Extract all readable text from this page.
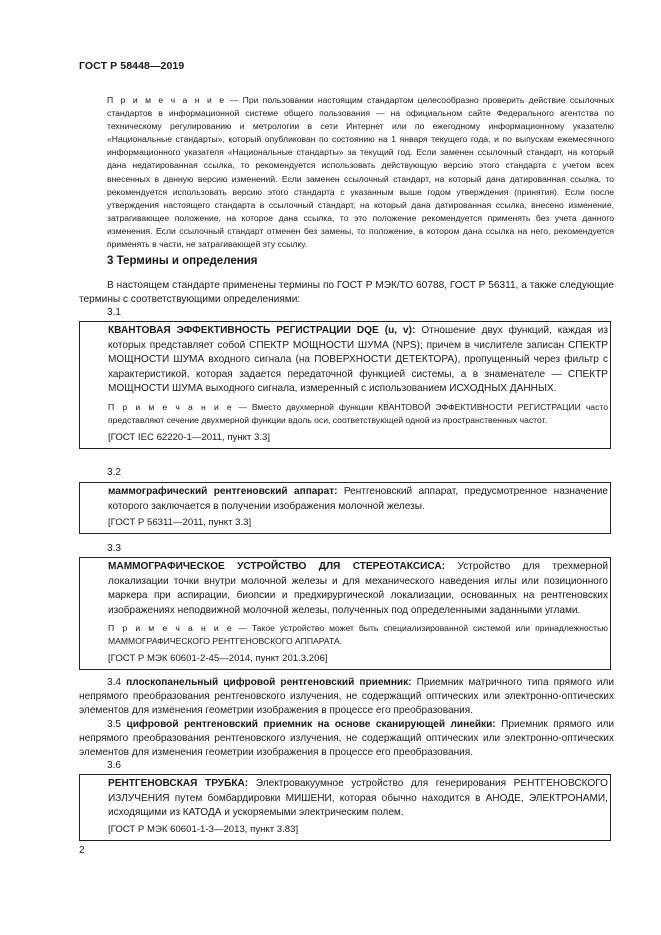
ГОСТ Р 58448—2019
П р и м е ч а н и е — При пользовании настоящим стандартом целесообразно проверить действие ссылочных стандартов в информационной системе общего пользования — на официальном сайте Федерального агентства по техническому регулированию и метрологии в сети Интернет или по ежегодному информационному указателю «Национальные стандарты», который опубликован по состоянию на 1 января текущего года, и по выпускам ежемесячного информационного указателя «Национальные стандарты» за текущий год. Если заменен ссылочный стандарт, на который дана недатированная ссылка, то рекомендуется использовать действующую версию этого стандарта с учетом всех внесенных в данную версию изменений. Если заменен ссылочный стандарт, на который дана датированная ссылка, то рекомендуется использовать версию этого стандарта с указанным выше годом утверждения (принятия). Если после утверждения настоящего стандарта в ссылочный стандарт, на который дана датированная ссылка, внесено изменение, затрагивающее положение, на которое дана ссылка, то это положение рекомендуется применять без учета данного изменения. Если ссылочный стандарт отменен без замены, то положение, в котором дана ссылка на него, рекомендуется применять в части, не затрагивающей эту ссылку.
3 Термины и определения
В настоящем стандарте применены термины по ГОСТ Р МЭК/ТО 60788, ГОСТ Р 56311, а также следующие термины с соответствующими определениями:
3.1
КВАНТОВАЯ ЭФФЕКТИВНОСТЬ РЕГИСТРАЦИИ DQE (u, v): Отношение двух функций, каждая из которых представляет собой СПЕКТР МОЩНОСТИ ШУМА (NPS); причем в числителе записан СПЕКТР МОЩНОСТИ ШУМА входного сигнала (на ПОВЕРХНОСТИ ДЕТЕКТОРА), пропущенный через фильтр с характеристикой, которая задается передаточной функцией системы, а в знаменателе — СПЕКТР МОЩНОСТИ ШУМА выходного сигнала, измеренный с использованием ИСХОДНЫХ ДАННЫХ.
П р и м е ч а н и е — Вместо двухмерной функции КВАНТОВОЙ ЭФФЕКТИВНОСТИ РЕГИСТРАЦИИ часто представляют сечение двухмерной функции вдоль оси, соответствующей одной из пространственных частот.
[ГОСТ IEC 62220-1—2011, пункт 3.3]
3.2
маммографический рентгеновский аппарат: Рентгеновский аппарат, предусмотренное назначение которого заключается в получении изображения молочной железы.
[ГОСТ Р 56311—2011, пункт 3.3]
3.3
МАММОГРАФИЧЕСКОЕ УСТРОЙСТВО ДЛЯ СТЕРЕОТАКСИСА: Устройство для трехмерной локализации точки внутри молочной железы и для механического наведения иглы или позиционного маркера при аспирации, биопсии и предхирургической локализации, основанных на рентгеновских изображениях неподвижной молочной железы, полученных под определенными заданными углами.
П р и м е ч а н и е — Такое устройство может быть специализированной системой или принадлежностью МАММОГРАФИЧЕСКОГО РЕНТГЕНОВСКОГО АППАРАТА.
[ГОСТ Р МЭК 60601-2-45—2014, пункт 201.3.206]
3.4 плоскопанельный цифровой рентгеновский приемник: Приемник матричного типа прямого или непрямого преобразования рентгеновского излучения, не содержащий оптических или электронно-оптических элементов для изменения геометрии изображения в процессе его преобразования.
3.5 цифровой рентгеновский приемник на основе сканирующей линейки: Приемник прямого или непрямого преобразования рентгеновского излучения, не содержащий оптических или электронно-оптических элементов для изменения геометрии изображения в процессе его преобразования.
3.6
РЕНТГЕНОВСКАЯ ТРУБКА: Электровакуумное устройство для генерирования РЕНТГЕНОВСКОГО ИЗЛУЧЕНИЯ путем бомбардировки МИШЕНИ, которая обычно находится в АНОДЕ, ЭЛЕКТРОНАМИ, исходящими из КАТОДА и ускоряемыми электрическим полем.
[ГОСТ Р МЭК 60601-1-3—2013, пункт 3.83]
2
